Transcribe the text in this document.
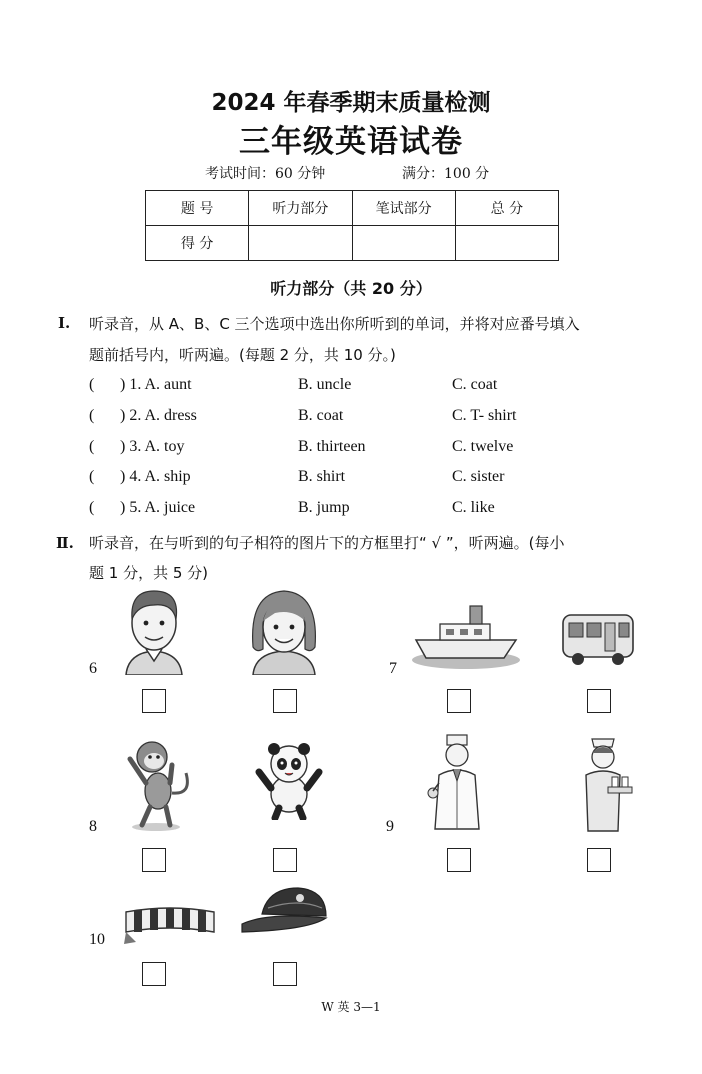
2024 年春季期末质量检测
三年级英语试卷
考试时间：60 分钟	满分：100 分
题 号	听力部分	笔试部分	总 分
得 分			
听力部分（共 20 分）
Ⅰ. 听录音，从 A、B、C 三个选项中选出你所听到的单词，并将对应番号填入
题前括号内，听两遍。(每题 2 分，共 10 分。)
( ) 1. A. aunt	B. uncle	C. coat
( ) 2. A. dress	B. coat	C. T- shirt
( ) 3. A. toy	B. thirteen	C. twelve
( ) 4. A. ship	B. shirt	C. sister
( ) 5. A. juice	B. jump	C. like
Ⅱ. 听录音，在与听到的句子相符的图片下的方框里打“ √ ”，听两遍。(每小
题 1 分，共 5 分)
6	7
8	9
10
W 英 3—1
